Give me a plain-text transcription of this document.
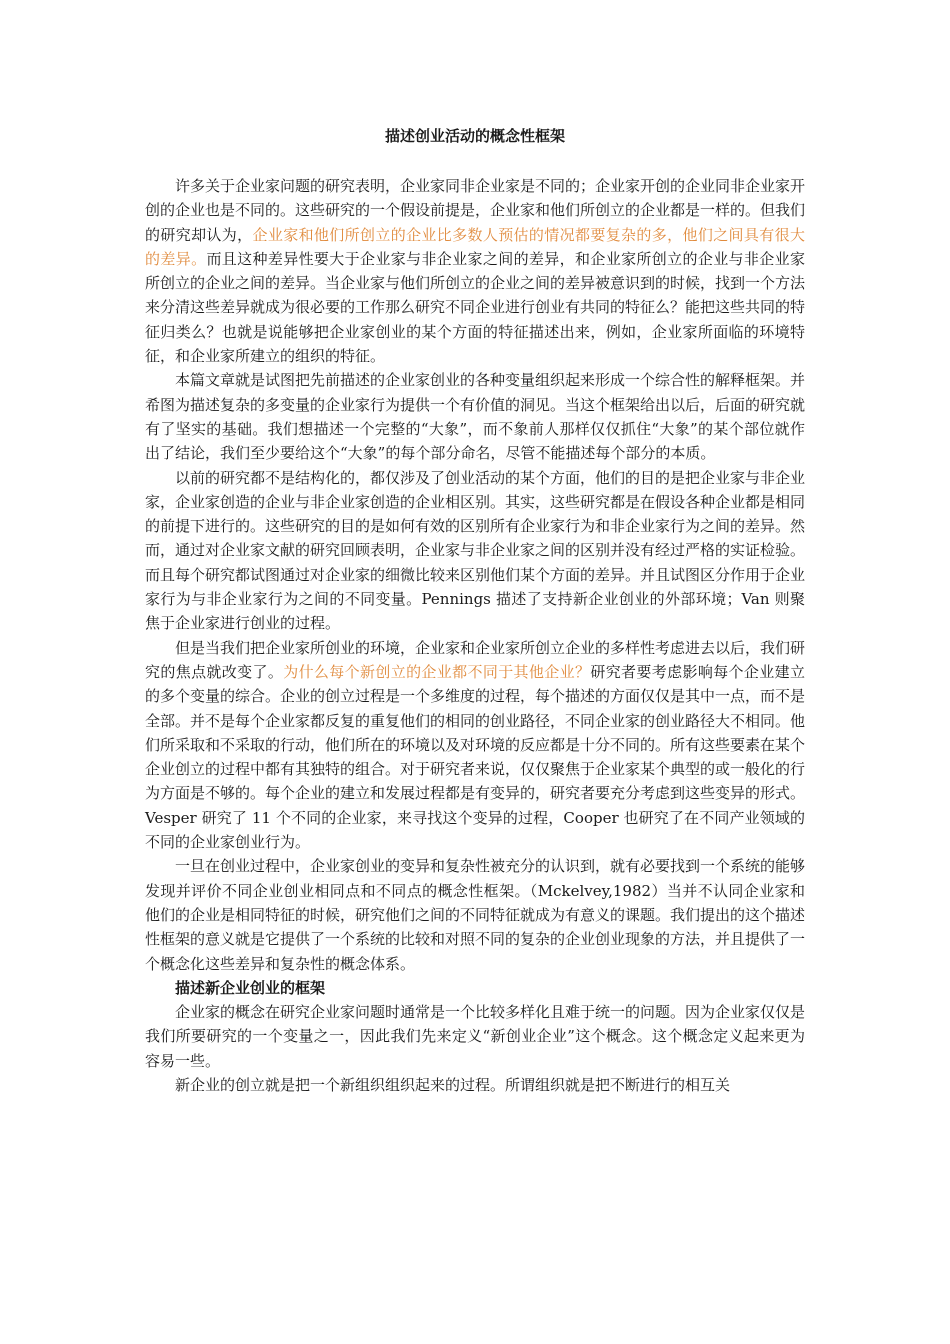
描述创业活动的概念性框架

许多关于企业家问题的研究表明，企业家同非企业家是不同的；企业家开创的企业同非企业家开创的企业也是不同的。这些研究的一个假设前提是，企业家和他们所创立的企业都是一样的。但我们的研究却认为，企业家和他们所创立的企业比多数人预估的情况都要复杂的多，他们之间具有很大的差异。而且这种差异性要大于企业家与非企业家之间的差异，和企业家所创立的企业与非企业家所创立的企业之间的差异。当企业家与他们所创立的企业之间的差异被意识到的时候，找到一个方法来分清这些差异就成为很必要的工作那么研究不同企业进行创业有共同的特征么？能把这些共同的特征归类么？也就是说能够把企业家创业的某个方面的特征描述出来，例如，企业家所面临的环境特征，和企业家所建立的组织的特征。

本篇文章就是试图把先前描述的企业家创业的各种变量组织起来形成一个综合性的解释框架。并希图为描述复杂的多变量的企业家行为提供一个有价值的洞见。当这个框架给出以后，后面的研究就有了坚实的基础。我们想描述一个完整的“大象”，而不象前人那样仅仅抓住“大象”的某个部位就作出了结论，我们至少要给这个“大象”的每个部分命名，尽管不能描述每个部分的本质。

以前的研究都不是结构化的，都仅涉及了创业活动的某个方面，他们的目的是把企业家与非企业家，企业家创造的企业与非企业家创造的企业相区别。其实，这些研究都是在假设各种企业都是相同的前提下进行的。这些研究的目的是如何有效的区别所有企业家行为和非企业家行为之间的差异。然而，通过对企业家文献的研究回顾表明，企业家与非企业家之间的区别并没有经过严格的实证检验。而且每个研究都试图通过对企业家的细微比较来区别他们某个方面的差异。并且试图区分作用于企业家行为与非企业家行为之间的不同变量。Pennings 描述了支持新企业创业的外部环境；Van 则聚焦于企业家进行创业的过程。

但是当我们把企业家所创业的环境，企业家和企业家所创立企业的多样性考虑进去以后，我们研究的焦点就改变了。为什么每个新创立的企业都不同于其他企业？研究者要考虑影响每个企业建立的多个变量的综合。企业的创立过程是一个多维度的过程，每个描述的方面仅仅是其中一点，而不是全部。并不是每个企业家都反复的重复他们的相同的创业路径，不同企业家的创业路径大不相同。他们所采取和不采取的行动，他们所在的环境以及对环境的反应都是十分不同的。所有这些要素在某个企业创立的过程中都有其独特的组合。对于研究者来说，仅仅聚焦于企业家某个典型的或一般化的行为方面是不够的。每个企业的建立和发展过程都是有变异的，研究者要充分考虑到这些变异的形式。 Vesper 研究了 11 个不同的企业家，来寻找这个变异的过程，Cooper 也研究了在不同产业领域的不同的企业家创业行为。

一旦在创业过程中，企业家创业的变异和复杂性被充分的认识到，就有必要找到一个系统的能够发现并评价不同企业创业相同点和不同点的概念性框架。（Mckelvey,1982）当并不认同企业家和他们的企业是相同特征的时候，研究他们之间的不同特征就成为有意义的课题。我们提出的这个描述性框架的意义就是它提供了一个系统的比较和对照不同的复杂的企业创业现象的方法，并且提供了一个概念化这些差异和复杂性的概念体系。

描述新企业创业的框架

企业家的概念在研究企业家问题时通常是一个比较多样化且难于统一的问题。因为企业家仅仅是我们所要研究的一个变量之一，因此我们先来定义“新创业企业”这个概念。这个概念定义起来更为容易一些。

新企业的创立就是把一个新组织组织起来的过程。所谓组织就是把不断进行的相互关
